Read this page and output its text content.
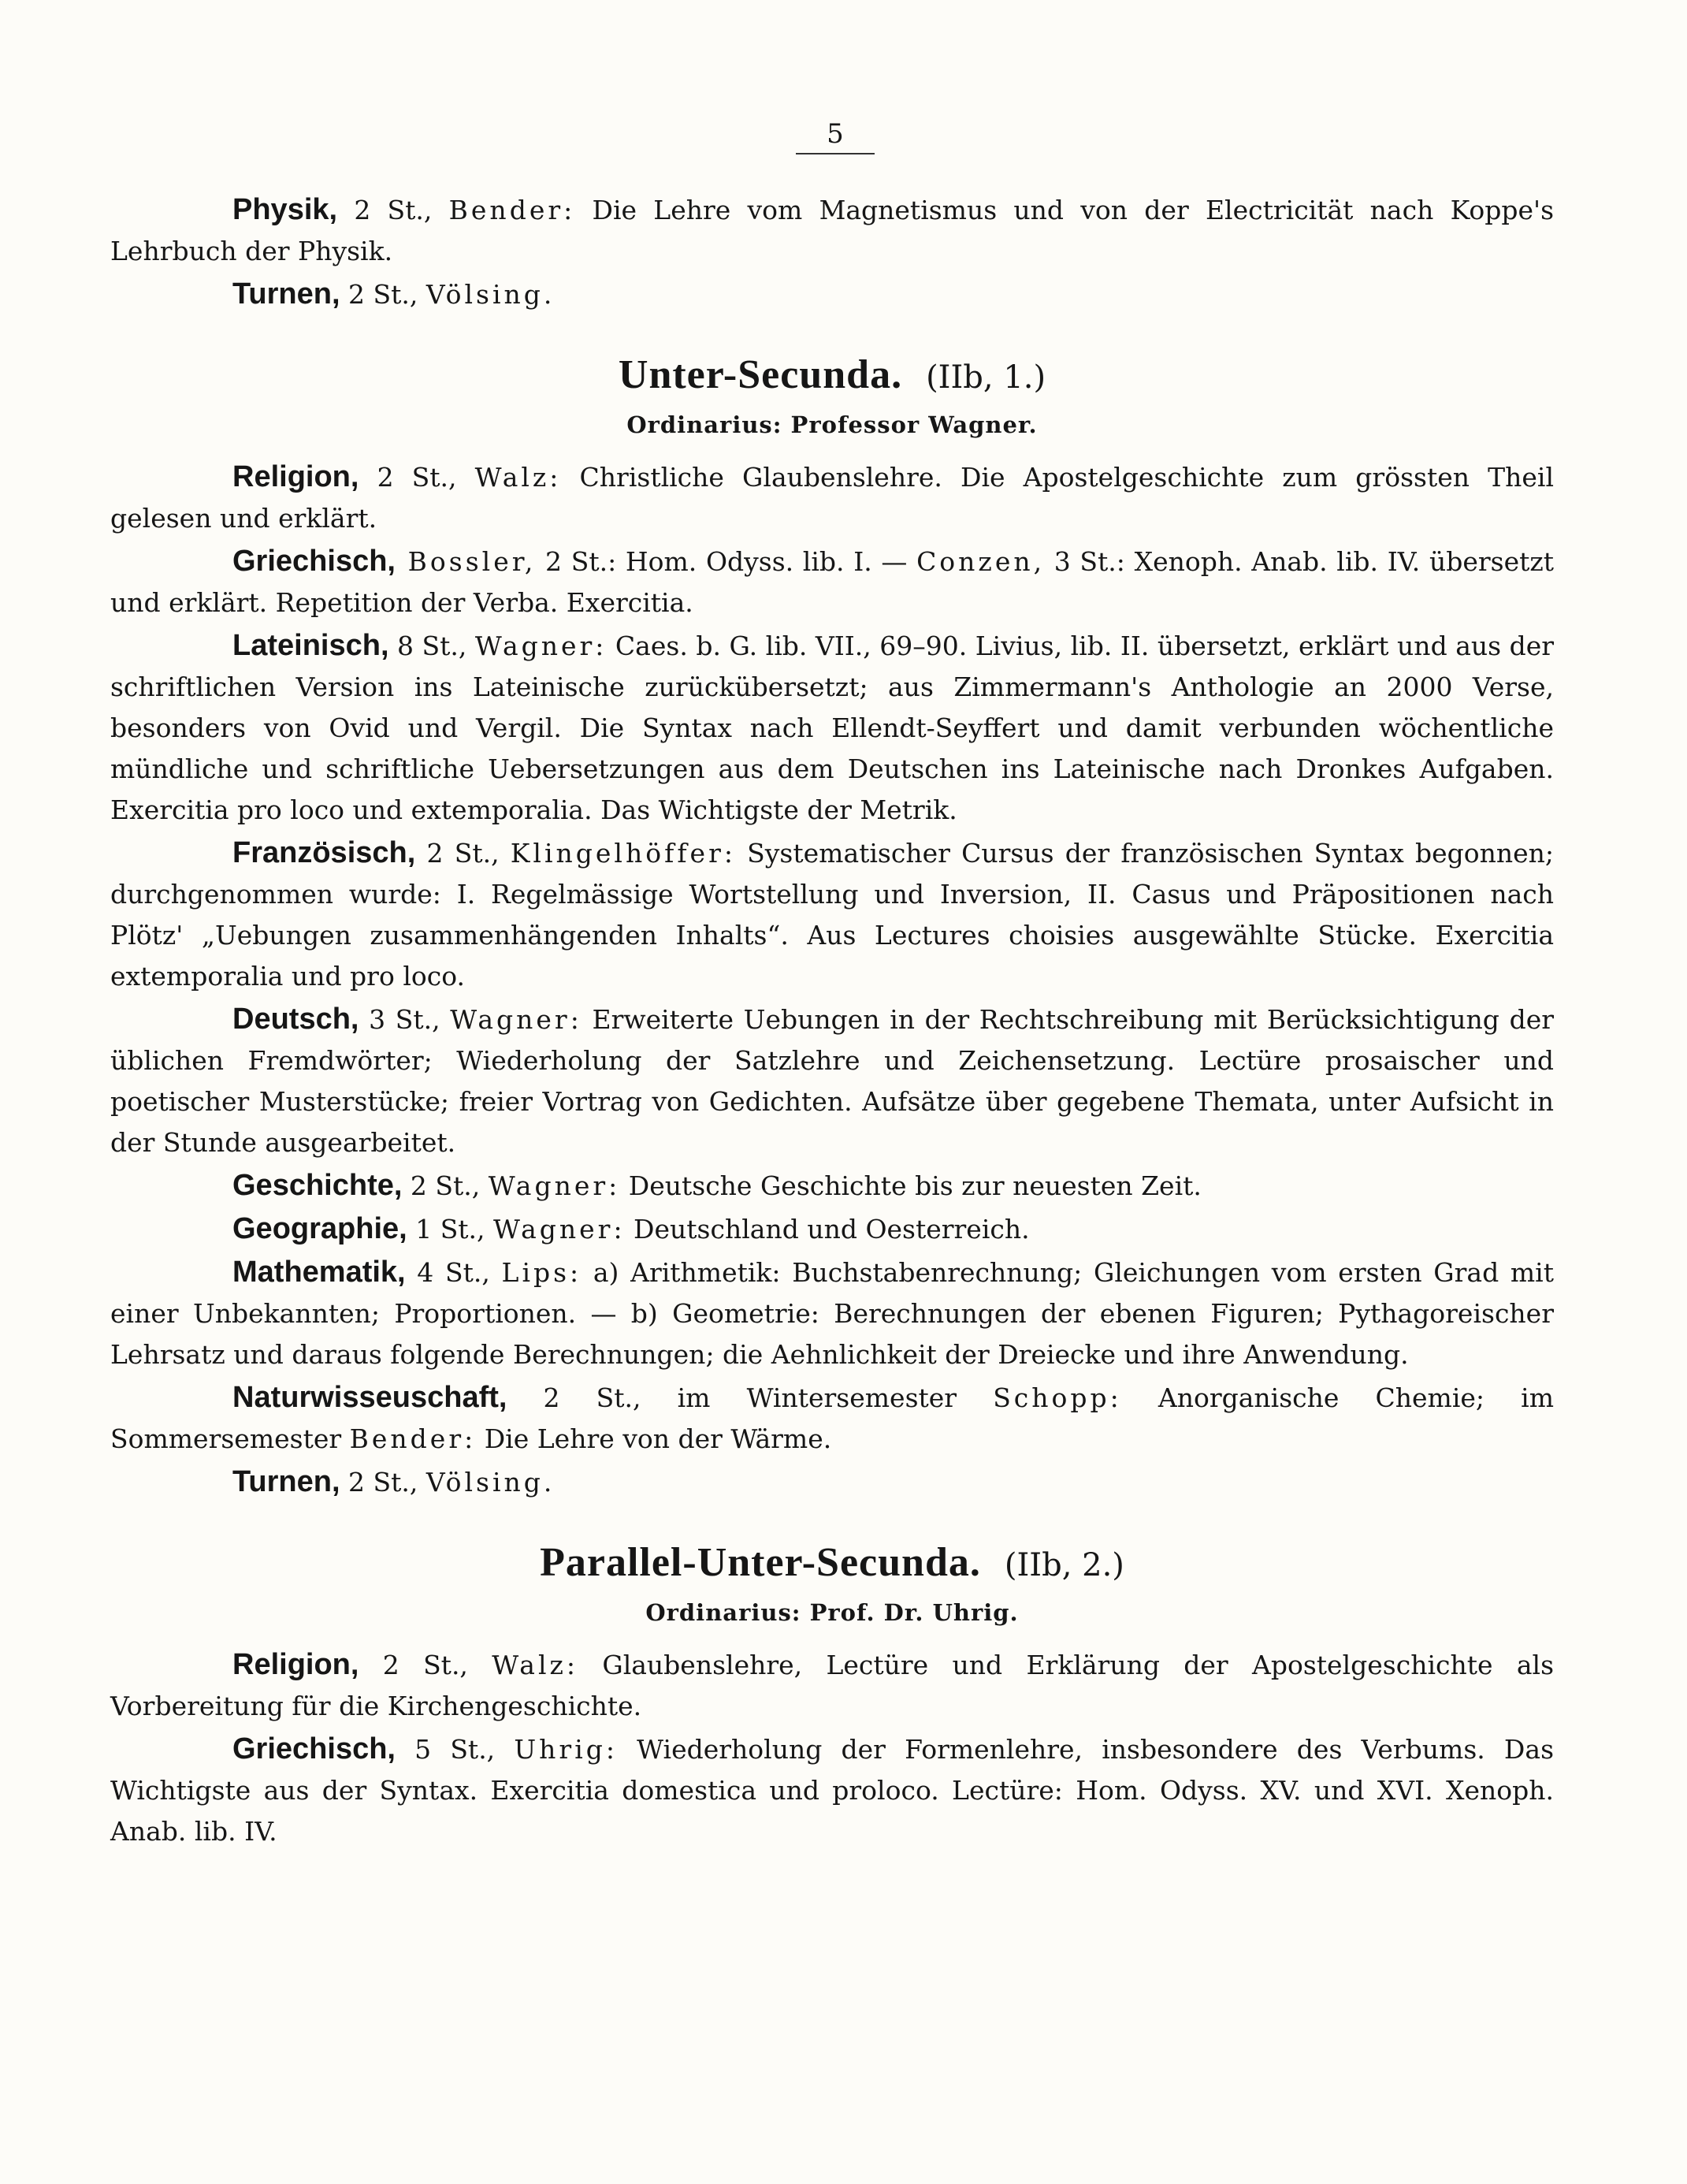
5

Physik, 2 St., Bender: Die Lehre vom Magnetismus und von der Electricität nach Koppe's Lehrbuch der Physik.

Turnen, 2 St., Völsing.

Unter-Secunda. (IIb, 1.)
Ordinarius: Professor Wagner.

Religion, 2 St., Walz: Christliche Glaubenslehre. Die Apostelgeschichte zum grössten Theil gelesen und erklärt.

Griechisch, Bossler, 2 St.: Hom. Odyss. lib. I. — Conzen, 3 St.: Xenoph. Anab. lib. IV. übersetzt und erklärt. Repetition der Verba. Exercitia.

Lateinisch, 8 St., Wagner: Caes. b. G. lib. VII., 69–90. Livius, lib. II. übersetzt, erklärt und aus der schriftlichen Version ins Lateinische zurückübersetzt; aus Zimmermann's Anthologie an 2000 Verse, besonders von Ovid und Vergil. Die Syntax nach Ellendt-Seyffert und damit verbunden wöchentliche mündliche und schriftliche Uebersetzungen aus dem Deutschen ins Lateinische nach Dronkes Aufgaben. Exercitia pro loco und extemporalia. Das Wichtigste der Metrik.

Französisch, 2 St., Klingelhöffer: Systematischer Cursus der französischen Syntax begonnen; durchgenommen wurde: I. Regelmässige Wortstellung und Inversion, II. Casus und Präpositionen nach Plötz' „Uebungen zusammenhängenden Inhalts“. Aus Lectures choisies ausgewählte Stücke. Exercitia extemporalia und pro loco.

Deutsch, 3 St., Wagner: Erweiterte Uebungen in der Rechtschreibung mit Berücksichtigung der üblichen Fremdwörter; Wiederholung der Satzlehre und Zeichensetzung. Lectüre prosaischer und poetischer Musterstücke; freier Vortrag von Gedichten. Aufsätze über gegebene Themata, unter Aufsicht in der Stunde ausgearbeitet.

Geschichte, 2 St., Wagner: Deutsche Geschichte bis zur neuesten Zeit.

Geographie, 1 St., Wagner: Deutschland und Oesterreich.

Mathematik, 4 St., Lips: a) Arithmetik: Buchstabenrechnung; Gleichungen vom ersten Grad mit einer Unbekannten; Proportionen. — b) Geometrie: Berechnungen der ebenen Figuren; Pythagoreischer Lehrsatz und daraus folgende Berechnungen; die Aehnlichkeit der Dreiecke und ihre Anwendung.

Naturwisseuschaft, 2 St., im Wintersemester Schopp: Anorganische Chemie; im Sommersemester Bender: Die Lehre von der Wärme.

Turnen, 2 St., Völsing.

Parallel-Unter-Secunda. (IIb, 2.)
Ordinarius: Prof. Dr. Uhrig.

Religion, 2 St., Walz: Glaubenslehre, Lectüre und Erklärung der Apostelgeschichte als Vorbereitung für die Kirchengeschichte.

Griechisch, 5 St., Uhrig: Wiederholung der Formenlehre, insbesondere des Verbums. Das Wichtigste aus der Syntax. Exercitia domestica und proloco. Lectüre: Hom. Odyss. XV. und XVI. Xenoph. Anab. lib. IV.
